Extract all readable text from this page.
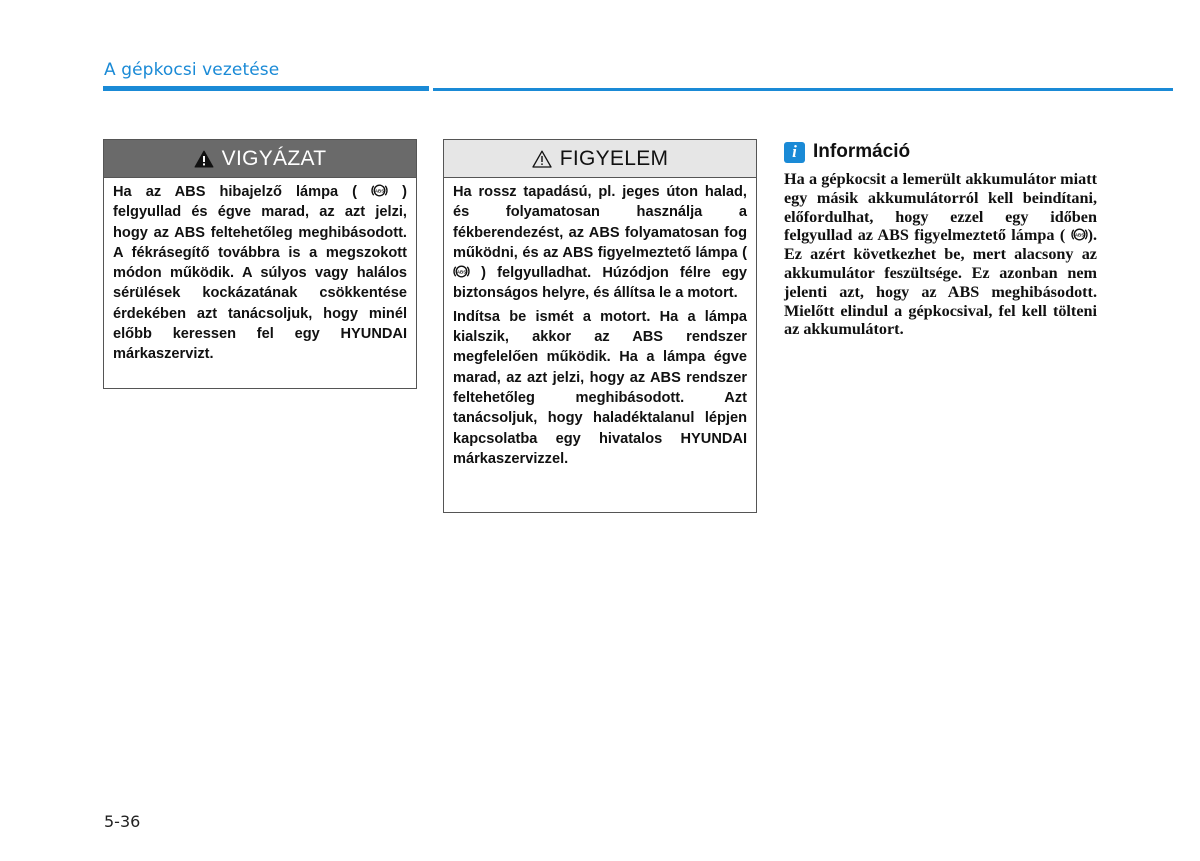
A gépkocsi vezetése
VIGYÁZAT

Ha az ABS hibajelző lámpa (	ABS ) felgyullad és égve marad, az azt jelzi, hogy az ABS feltehetőleg meghibásodott. A fékrásegítő továbbra is a megszokott módon működik. A súlyos vagy halálos sérülések kockázatának csökkentése érdekében azt tanácsoljuk, hogy minél előbb keressen fel egy HYUNDAI márkaszervizt.

FIGYELEM

Ha rossz tapadású, pl. jeges úton halad, és folyamatosan használja a fékberendezést, az ABS folyamatosan fog működni, és az ABS figyelmeztető lámpa (
ABS ) felgyulladhat. Húzódjon félre egy biztonságos helyre, és állítsa le a motort.

Indítsa be ismét a motort. Ha a lámpa kialszik, akkor az ABS rendszer megfelelően működik. Ha a lámpa égve marad, az azt jelzi, hogy az ABS rendszer feltehetőleg meghibásodott. Azt tanácsoljuk, hogy haladéktalanul lépjen kapcsolatba egy hivatalos HYUNDAI márkaszervizzel.

i Információ

Ha a gépkocsit a lemerült akkumulátor miatt egy másik akkumulátorról kell beindítani, előfordulhat, hogy ezzel egy időben felgyullad az ABS figyelmeztető lámpa ( ABS ). Ez azért következhet be, mert alacsony az akkumulátor feszültsége. Ez azonban nem jelenti azt, hogy az ABS meghibásodott. Mielőtt elindul a gépkocsival, fel kell tölteni az akkumulátort.

5-36
